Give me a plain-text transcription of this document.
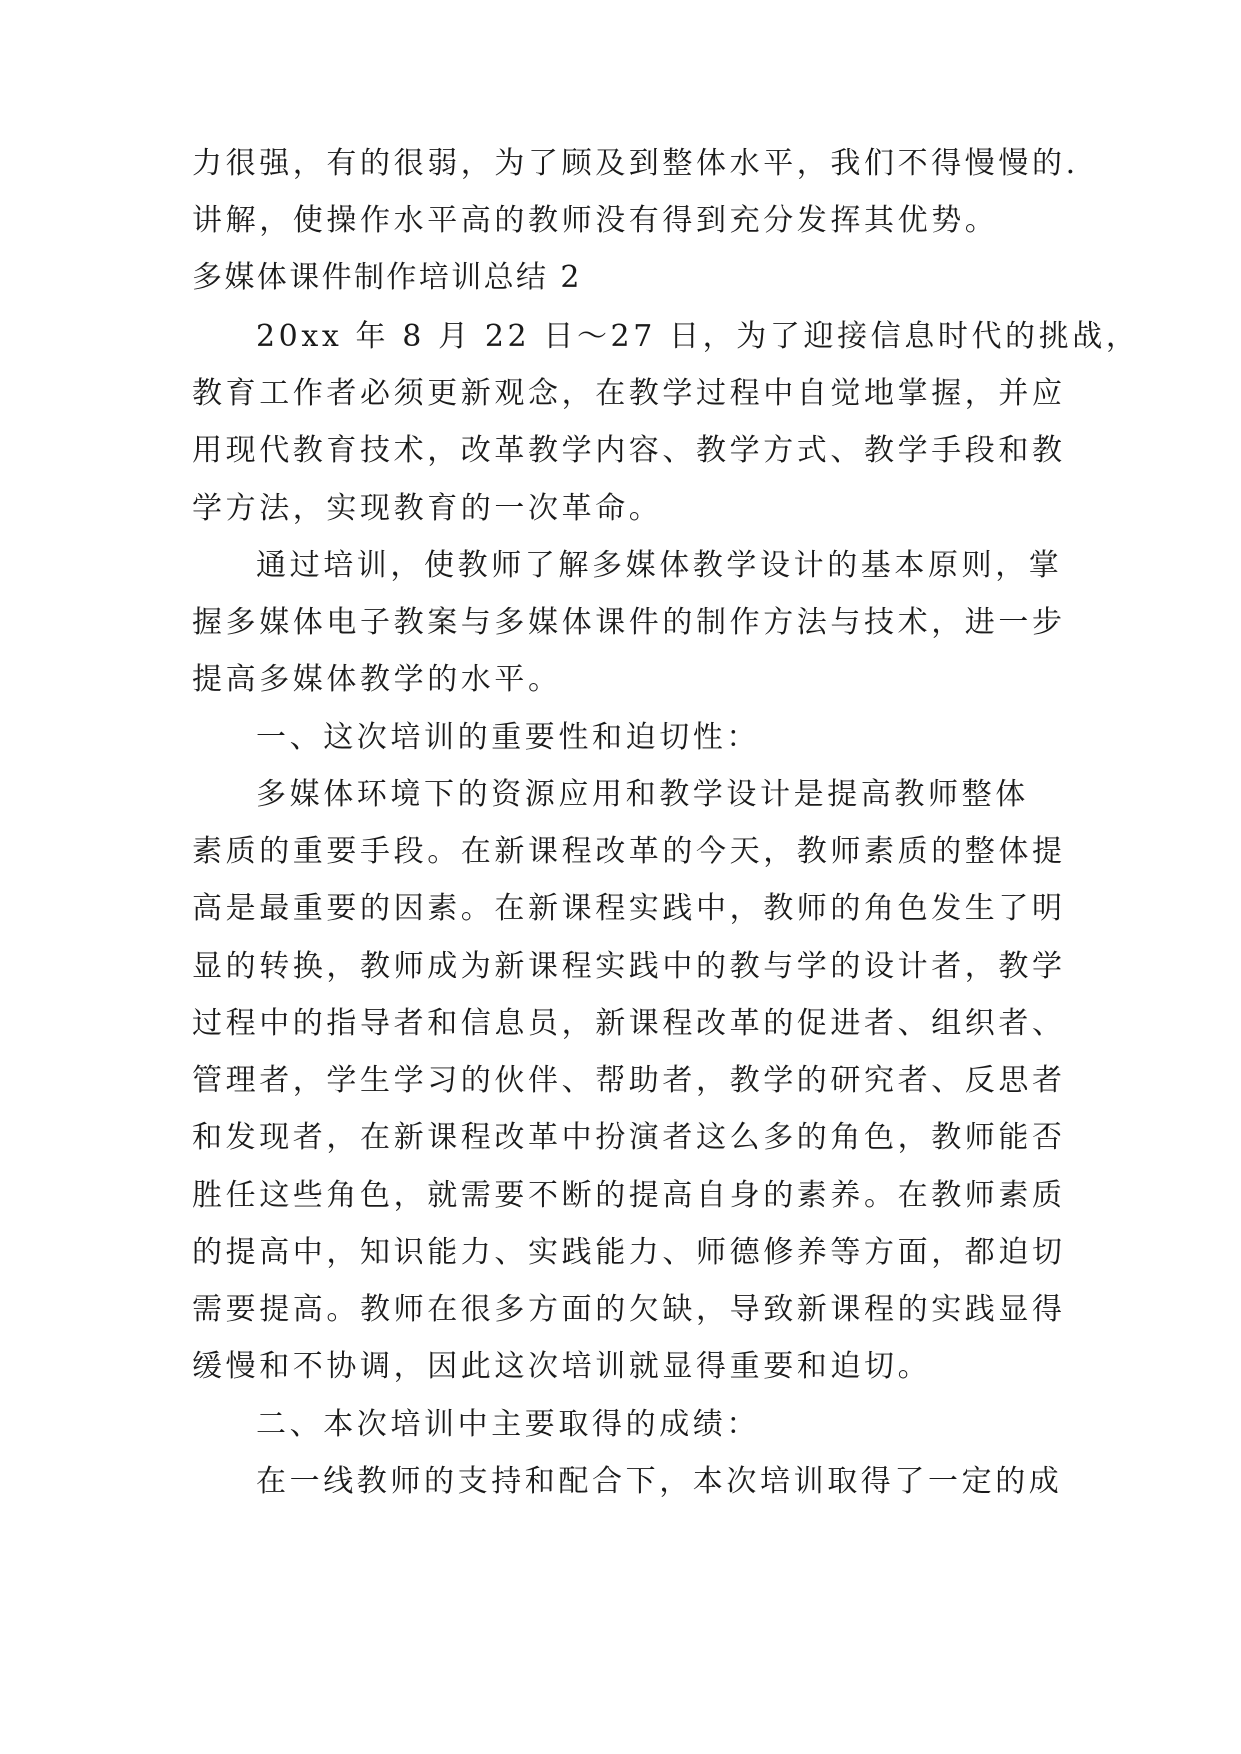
力很强，有的很弱，为了顾及到整体水平，我们不得慢慢的.
讲解，使操作水平高的教师没有得到充分发挥其优势。
多媒体课件制作培训总结 2
20xx 年 8 月 22 日～27 日，为了迎接信息时代的挑战，
教育工作者必须更新观念，在教学过程中自觉地掌握，并应
用现代教育技术，改革教学内容、教学方式、教学手段和教
学方法，实现教育的一次革命。
通过培训，使教师了解多媒体教学设计的基本原则，掌
握多媒体电子教案与多媒体课件的制作方法与技术，进一步
提高多媒体教学的水平。
一、这次培训的重要性和迫切性：
多媒体环境下的资源应用和教学设计是提高教师整体
素质的重要手段。在新课程改革的今天，教师素质的整体提
高是最重要的因素。在新课程实践中，教师的角色发生了明
显的转换，教师成为新课程实践中的教与学的设计者，教学
过程中的指导者和信息员，新课程改革的促进者、组织者、
管理者，学生学习的伙伴、帮助者，教学的研究者、反思者
和发现者，在新课程改革中扮演者这么多的角色，教师能否
胜任这些角色，就需要不断的提高自身的素养。在教师素质
的提高中，知识能力、实践能力、师德修养等方面，都迫切
需要提高。教师在很多方面的欠缺，导致新课程的实践显得
缓慢和不协调，因此这次培训就显得重要和迫切。
二、本次培训中主要取得的成绩：
在一线教师的支持和配合下，本次培训取得了一定的成
